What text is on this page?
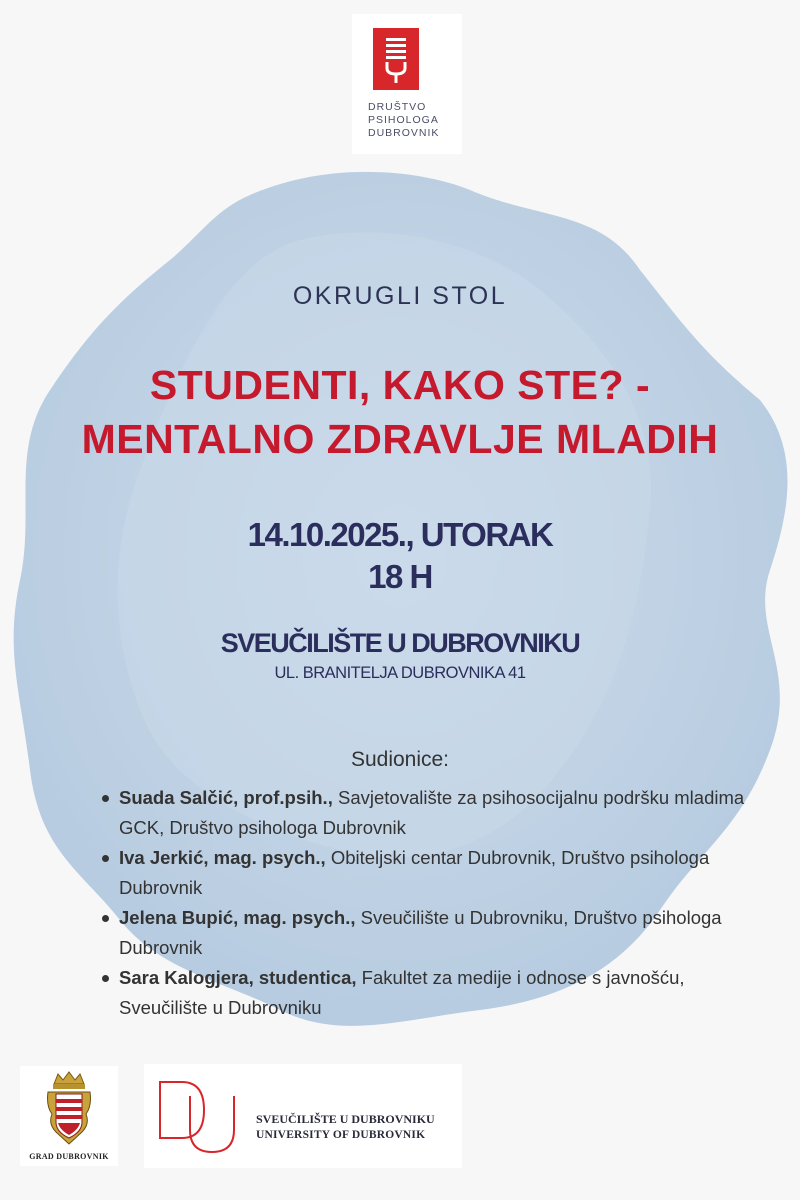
DRUŠTVO
PSIHOLOGA
DUBROVNIK
OKRUGLI STOL
STUDENTI, KAKO STE? -
MENTALNO ZDRAVLJE MLADIH
14.10.2025., UTORAK
18 H
SVEUČILIŠTE U DUBROVNIKU
UL. BRANITELJA DUBROVNIKA 41
Sudionice:
Suada Salčić, prof.psih., Savjetovalište za psihosocijalnu podršku mladima GCK, Društvo psihologa Dubrovnik
Iva Jerkić, mag. psych., Obiteljski centar Dubrovnik, Društvo psihologa Dubrovnik
Jelena Bupić, mag. psych., Sveučilište u Dubrovniku, Društvo psihologa Dubrovnik
Sara Kalogjera, studentica, Fakultet za medije i odnose s javnošću, Sveučilište u Dubrovniku
GRAD DUBROVNIK
SVEUČILIŠTE U DUBROVNIKU
UNIVERSITY OF DUBROVNIK
